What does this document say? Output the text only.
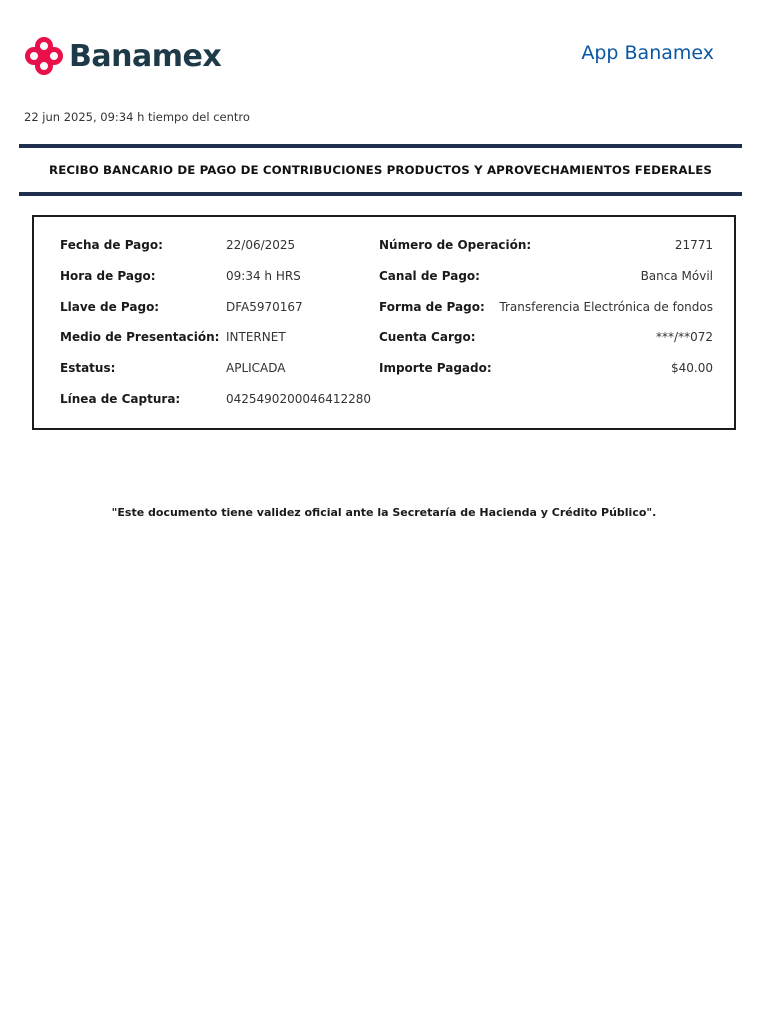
Banamex	App Banamex
22 jun 2025, 09:34 h tiempo del centro
RECIBO BANCARIO DE PAGO DE CONTRIBUCIONES PRODUCTOS Y APROVECHAMIENTOS FEDERALES
Fecha de Pago:	22/06/2025	Número de Operación:	21771
Hora de Pago:	09:34 h HRS	Canal de Pago:	Banca Móvil
Llave de Pago:	DFA5970167	Forma de Pago: Transferencia Electrónica de fondos
Medio de Presentación: INTERNET	Cuenta Cargo:	***/**072
Estatus:	APLICADA	Importe Pagado:	$40.00
Línea de Captura:	0425490200046412280
"Este documento tiene validez oficial ante la Secretaría de Hacienda y Crédito Público".
